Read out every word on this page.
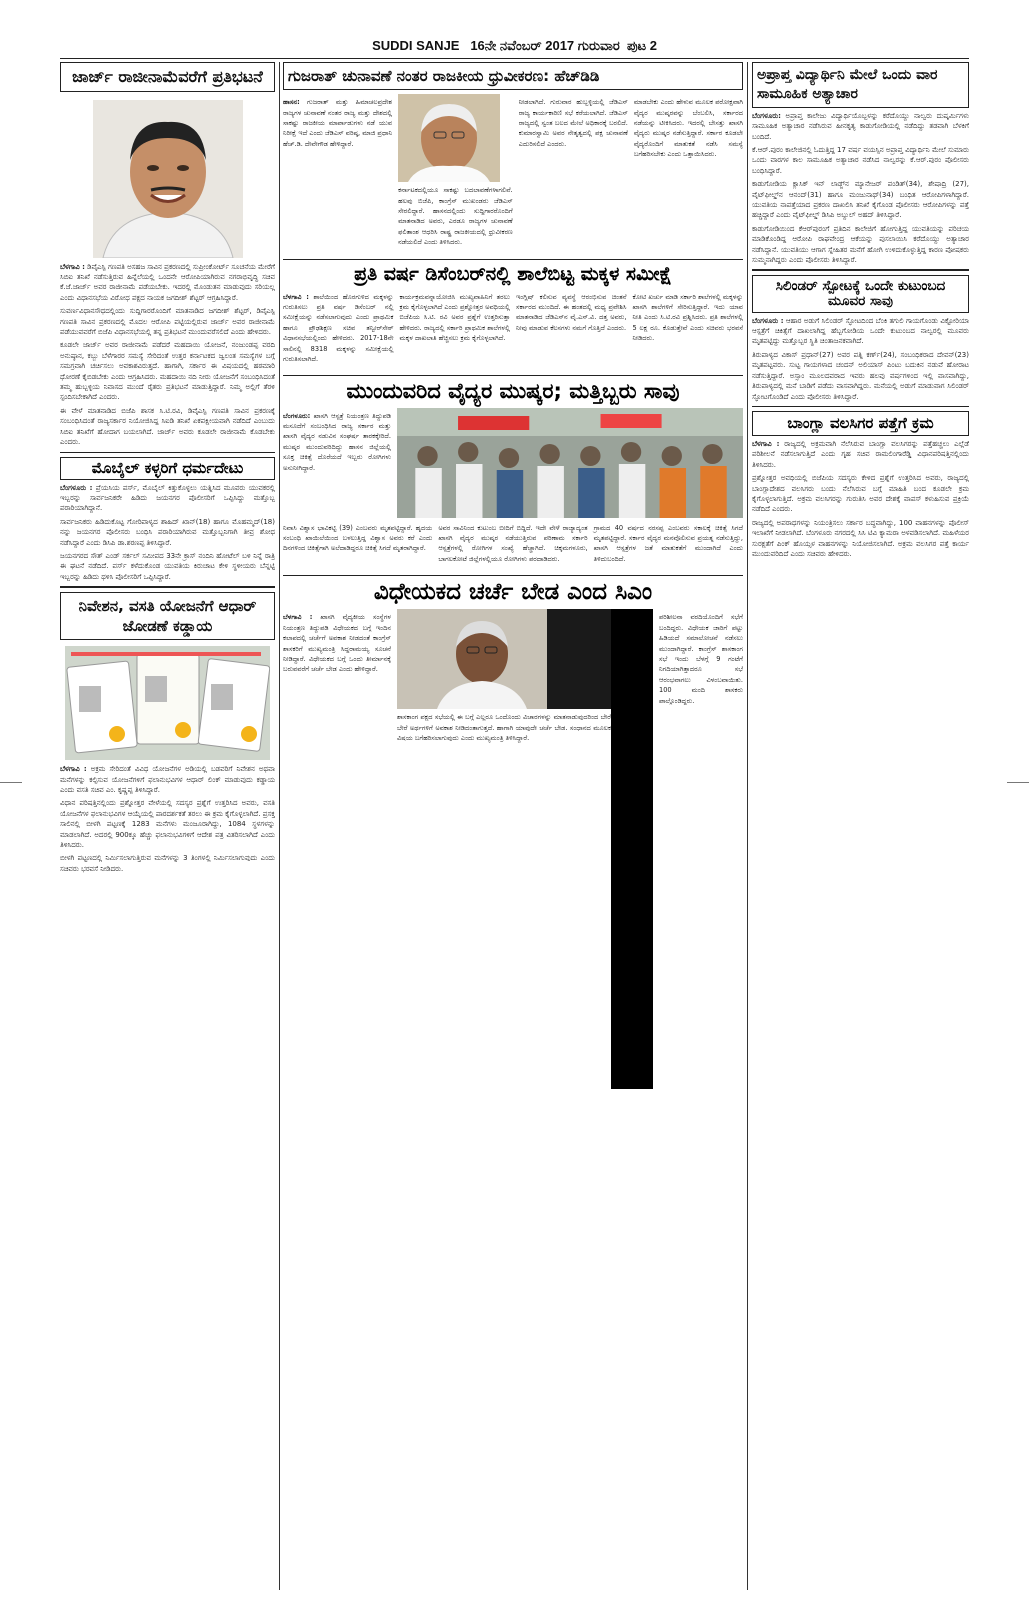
SUDDI SANJE 16ನೇ ನವೆಂಬರ್ 2017 ಗುರುವಾರ ಪುಟ 2
ಜಾರ್ಜ್ ರಾಜೀನಾಮೆವರೆಗೆ ಪ್ರತಿಭಟನೆ

ಬೆಳಗಾವಿ : ಡಿವೈಎಸ್ಪಿ ಗಣಪತಿ ಅಸಹಜ ಸಾವಿನ ಪ್ರಕರಣದಲ್ಲಿ ಸುಪ್ರೀಂಕೋರ್ಟ್ ಸೂಚನೆಯ ಮೇರೆಗೆ ಸಿಬಿಐ ತನಿಖೆ ನಡೆಸುತ್ತಿರುವ ಹಿನ್ನೆಲೆಯಲ್ಲಿ ಒಂದನೇ ಆರೋಪಿಯಾಗಿರುವ ನಗರಾಭಿವೃದ್ಧಿ ಸಚಿವ ಕೆ.ಜೆ.ಜಾರ್ಜ್ ಅವರ ರಾಜೀನಾಮೆ ಪಡೆಯಬೇಕು. ಇದರಲ್ಲಿ ಮೊಂಡುತನ ಮಾಡುವುದು ಸರಿಯಲ್ಲ ಎಂದು ವಿಧಾನಸಭೆಯ ವಿರೋಧ ಪಕ್ಷದ ನಾಯಕ ಜಗದೀಶ್ ಶೆಟ್ಟರ್ ಆಗ್ರಹಿಸಿದ್ದಾರೆ.

ಸುವರ್ಣವಿಧಾನಸೌಧದಲ್ಲಿಂದು ಸುದ್ದಿಗಾರರೊಂದಿಗೆ ಮಾತನಾಡಿದ ಜಗದೀಶ್ ಶೆಟ್ಟರ್, ಡಿವೈಎಸ್ಪಿ ಗಣಪತಿ ಸಾವಿನ ಪ್ರಕರಣದಲ್ಲಿ ಮೊದಲ ಆರೋಪಿ ಪಟ್ಟಿಯಲ್ಲಿರುವ ಜಾರ್ಜ್ ಅವರ ರಾಜೀನಾಮೆ ಪಡೆಯುವವರೆಗೆ ಬಿಜೆಪಿ ವಿಧಾನಸಭೆಯಲ್ಲಿ ತನ್ನ ಪ್ರತಿಭಟನೆ ಮುಂದುವರೆಸಲಿದೆ ಎಂದು ಹೇಳಿದರು.

ಕೂಡಲೇ ಜಾರ್ಜ್ ಅವರ ರಾಜೀನಾಮೆ ಪಡೆದರೆ ಮಹದಾಯಿ ಯೋಜನೆ, ನಂಜುಂಡಪ್ಪ ವರದಿ ಅನುಷ್ಠಾನ, ಕಬ್ಬು ಬೆಳೆಗಾರರ ಸಮಸ್ಯೆ ಸೇರಿದಂತೆ ಉತ್ತರ ಕರ್ನಾಟಕದ ಜ್ವಲಂತ ಸಮಸ್ಯೆಗಳ ಬಗ್ಗೆ ಸಮಗ್ರವಾಗಿ ಚರ್ಚಿಸಲು ಅವಕಾಶವಿರುತ್ತದೆ. ಹಾಗಾಗಿ, ಸರ್ಕಾರ ಈ ವಿಷಯದಲ್ಲಿ ಹಠಮಾರಿ ಧೋರಣೆ ಕೈಬಿಡಬೇಕು ಎಂದು ಆಗ್ರಹಿಸಿದರು. ಮಹದಾಯಿ ನದಿ ನೀರು ಯೋಜನೆಗೆ ಸಂಬಂಧಿಸಿದಂತೆ ತಮ್ಮ ಹುಬ್ಬಳ್ಳಿಯ ನಿವಾಸದ ಮುಂದೆ ರೈತರು ಪ್ರತಿಭಟನೆ ಮಾಡುತ್ತಿದ್ದಾರೆ. ನಿಮ್ಮ ಅಲ್ಲಿಗೆ ತೆರಳಿ ಸ್ಪಂದಿಸಬೇಕಾಗಿದೆ ಎಂದರು.

ಈ ವೇಳೆ ಮಾತನಾಡಿದ ಬಿಜೆಪಿ ಶಾಸಕ ಸಿ.ಟಿ.ರವಿ, ಡಿವೈಎಸ್ಪಿ ಗಣಪತಿ ಸಾವಿನ ಪ್ರಕರಣಕ್ಕೆ ಸಂಬಂಧಿಸಿದಂತೆ ರಾಜ್ಯಸರ್ಕಾರ ನಿಯೋಜಿಸಿದ್ದ ಸಿಐಡಿ ತನಿಖೆ ಏಕಪಕ್ಷೀಯವಾಗಿ ನಡೆದಿದೆ ಎಂಬುದು ಸಿಬಿಐ ತನಿಖೆಗೆ ಹೋದಾಗ ಬಯಲಾಗಿದೆ. ಜಾರ್ಜ್ ಅವರು ಕೂಡಲೇ ರಾಜೀನಾಮೆ ಕೊಡಬೇಕು ಎಂದರು.

ಮೊಬೈಲ್ ಕಳ್ಳರಿಗೆ ಧರ್ಮದೇಟು

ಬೆಂಗಳೂರು : ಪ್ರೆಯಸಿಯ ಪರ್ಸ್, ಮೊಬೈಲ್ ಕಿತ್ತುಕೊಳ್ಳಲು ಯತ್ನಿಸಿದ ಮೂವರು ಯುವಕರಲ್ಲಿ ಇಬ್ಬರನ್ನು ಸಾರ್ವಜನಿಕರೇ ಹಿಡಿದು ಜಯನಗರ ಪೊಲೀಸರಿಗೆ ಒಪ್ಪಿಸಿದ್ದು ಮತ್ತೊಬ್ಬ ಪರಾರಿಯಾಗಿದ್ದಾನೆ.

ಸಾರ್ವಜನಿಕರು ಹಿಡಿದುಕೊಟ್ಟ ಗೋರಿಪಾಳ್ಯದ ಶಾಹಿದ್ ಖಾನ್(18) ಹಾಗೂ ಮೊಹಮ್ಮದ್(18) ನನ್ನು ಜಯನಗರ ಪೊಲೀಸರು ಬಂಧಿಸಿ ಪರಾರಿಯಾಗಿರುವ ಮತ್ತೊಬ್ಬನಿಗಾಗಿ ತೀವ್ರ ಶೋಧ ನಡೆಸಿದ್ದಾರೆ ಎಂದು ಡಿಸಿಪಿ ಡಾ.ಶರಣಪ್ಪ ತಿಳಿಸಿದ್ದಾರೆ.

ಜಯನಗರದ ಸೌತ್ ಎಂಡ್ ಸರ್ಕಲ್ ಸಮೀಪದ 33ನೇ ಕ್ರಾಸ್ ನಂದಿನಿ ಹೋಟೆಲ್ ಬಳಿ ನಿನ್ನೆ ರಾತ್ರಿ ಈ ಘಟನೆ ನಡೆದಿದೆ. ಪರ್ಸ್ ಕಳೆದುಕೊಂಡ ಯುವತಿಯ ಕಿರುಚಾಟ ಕೇಳಿ ಸ್ಥಳೀಯರು ಬೆನ್ನಟ್ಟಿ ಇಬ್ಬರನ್ನು ಹಿಡಿದು ಥಳಿಸಿ ಪೊಲೀಸರಿಗೆ ಒಪ್ಪಿಸಿದ್ದಾರೆ.

ನಿವೇಶನ, ವಸತಿ ಯೋಜನೆಗೆ ಆಧಾರ್ ಜೋಡಣೆ ಕಡ್ಡಾಯ

ಬೆಳಗಾವಿ : ಅಕ್ರಮ ಸೇರಿದಂತೆ ವಿವಿಧ ಯೋಜನೆಗಳ ಅಡಿಯಲ್ಲಿ ಬಡವರಿಗೆ ನಿವೇಶನ ಅಥವಾ ಮನೆಗಳನ್ನು ಕಲ್ಪಿಸುವ ಯೋಜನೆಗಳಿಗೆ ಫಲಾನುಭವಿಗಳ ಆಧಾರ್ ಲಿಂಕ್ ಮಾಡುವುದು ಕಡ್ಡಾಯ ಎಂದು ವಸತಿ ಸಚಿವ ಎಂ. ಕೃಷ್ಣಪ್ಪ ತಿಳಿಸಿದ್ದಾರೆ.

ವಿಧಾನ ಪರಿಷತ್ತಿನಲ್ಲಿಂದು ಪ್ರಶ್ನೋತ್ತರ ವೇಳೆಯಲ್ಲಿ ಸದಸ್ಯರ ಪ್ರಶ್ನೆಗೆ ಉತ್ತರಿಸಿದ ಅವರು, ವಸತಿ ಯೋಜನೆಗಳ ಫಲಾನುಭವಿಗಳ ಆಯ್ಕೆಯಲ್ಲಿ ಪಾರದರ್ಶಕತೆ ತರಲು ಈ ಕ್ರಮ ಕೈಗೊಳ್ಳಲಾಗಿದೆ. ಪ್ರಸಕ್ತ ಸಾಲಿನಲ್ಲಿ ಬೀಳಗಿ ಪಟ್ಟಣಕ್ಕೆ 1283 ಮನೆಗಳು ಮಂಜೂರಾಗಿದ್ದು, 1084 ಸ್ಥಳಗಳನ್ನು ಮಾಡಲಾಗಿದೆ. ಅದರಲ್ಲಿ 900ಕ್ಕೂ ಹೆಚ್ಚು ಫಲಾನುಭವಿಗಳಿಗೆ ಆದೇಶ ಪತ್ರ ವಿತರಿಸಲಾಗಿದೆ ಎಂದು ತಿಳಿಸಿದರು.

ಬೀಳಗಿ ಪಟ್ಟಣದಲ್ಲಿ ನಿರ್ಮಿಸಲಾಗುತ್ತಿರುವ ಮನೆಗಳನ್ನು 3 ತಿಂಗಳಲ್ಲಿ ನಿರ್ಮಿಸಲಾಗುವುದು ಎಂದು ಸಚಿವರು ಭರವಸೆ ನೀಡಿದರು.

ಗುಜರಾತ್ ಚುನಾವಣೆ ನಂತರ ರಾಜಕೀಯ ಧ್ರುವೀಕರಣ: ಹೆಚ್‌ಡಿಡಿ

ಹಾಸನ: ಗುಜರಾತ್ ಮತ್ತು ಹಿಮಾಚಲಪ್ರದೇಶ ರಾಜ್ಯಗಳ ಚುನಾವಣೆ ನಂತರ ರಾಜ್ಯ ಮತ್ತು ದೇಶದಲ್ಲಿ ಸಾಕಷ್ಟು ರಾಜಕೀಯ ಮಾರ್ಪಾಡುಗಳು ನಡೆ ಯುವ ನಿರೀಕ್ಷೆ ಇದೆ ಎಂದು ಜೆಡಿಎಸ್ ವರಿಷ್ಠ, ಮಾಜಿ ಪ್ರಧಾನಿ ಹೆಚ್.ಡಿ. ದೇವೇಗೌಡ ಹೇಳಿದ್ದಾರೆ.

ಕರ್ನಾಟಕದಲ್ಲಿಯೂ ಸಾಕಷ್ಟು ಬದಲಾವಣೆಗಳಾಗಲಿವೆ. ಹಲವು ಬಿಜೆಪಿ, ಕಾಂಗ್ರೆಸ್ ಮುಖಂಡರು ಜೆಡಿಎಸ್ ಸೇರಲಿದ್ದಾರೆ. ಹಾಸನದಲ್ಲಿಂದು ಸುದ್ದಿಗಾರರೊಂದಿಗೆ ಮಾತನಾಡಿದ ಅವರು, ಎರಡೂ ರಾಜ್ಯಗಳ ಚುನಾವಣೆ ಫಲಿತಾಂಶ ಆಧರಿಸಿ ರಾಷ್ಟ್ರ ರಾಜಕೀಯದಲ್ಲಿ ಧ್ರುವೀಕರಣ ನಡೆಯಲಿದೆ ಎಂದು ತಿಳಿಸಿದರು.

ನೀಡಲಾಗಿದೆ. ಗುರುವಾರ ಹುಬ್ಬಳ್ಳಿಯಲ್ಲಿ ಜೆಡಿಎಸ್ ರಾಜ್ಯ ಕಾರ್ಯಕಾರಿಣಿ ಸಭೆ ಕರೆಯಲಾಗಿದೆ. ಜೆಡಿಎಸ್ ರಾಜ್ಯದಲ್ಲಿ ಸ್ವಂತ ಬಲದ ಮೇಲೆ ಅಧಿಕಾರಕ್ಕೆ ಬರಲಿದೆ. ಕುಮಾರಸ್ವಾಮಿ ಅವರ ನೇತೃತ್ವದಲ್ಲಿ ಪಕ್ಷ ಚುನಾವಣೆ ಎದುರಿಸಲಿದೆ ಎಂದರು.

ಮಾಡಬೇಕು ಎಂದು ಹೇಳುವ ಮೂಲಕ ಪರೋಕ್ಷವಾಗಿ ವೈದ್ಯರ ಮುಷ್ಕರವನ್ನು ಬೆಂಬಲಿಸಿ, ಸರ್ಕಾರದ ನಡೆಯನ್ನು ಟೀಕಿಸಿದರು. ಇದರಲ್ಲಿ ಬೇಸತ್ತು ಖಾಸಗಿ ವೈದ್ಯರು ಮುಷ್ಕರ ನಡೆಸುತ್ತಿದ್ದಾರೆ. ಸರ್ಕಾರ ಕೂಡಲೇ ವೈದ್ಯರೊಂದಿಗೆ ಮಾತುಕತೆ ನಡೆಸಿ ಸಮಸ್ಯೆ ಬಗೆಹರಿಸಬೇಕು ಎಂದು ಒತ್ತಾಯಿಸಿದರು.

ಪ್ರತಿ ವರ್ಷ ಡಿಸೆಂಬರ್‌ನಲ್ಲಿ ಶಾಲೆಬಿಟ್ಟ ಮಕ್ಕಳ ಸಮೀಕ್ಷೆ

ಬೆಳಗಾವಿ : ಶಾಲೆಯಿಂದ ಹೊರಗುಳಿದ ಮಕ್ಕಳನ್ನು ಗುರುತಿಸಲು ಪ್ರತಿ ವರ್ಷ ಡಿಸೆಂಬರ್ ನಲ್ಲಿ ಸಮೀಕ್ಷೆಯನ್ನು ನಡೆಸಲಾಗುವುದು ಎಂದು ಪ್ರಾಥಮಿಕ ಹಾಗೂ ಪ್ರೌಢಶಿಕ್ಷಣ ಸಚಿವ ತನ್ವೀರ್‌ಸೇಠ್ ವಿಧಾನಸಭೆಯಲ್ಲಿಂದು ಹೇಳಿದರು. 2017-18ನೇ ಸಾಲಿನಲ್ಲಿ 8318 ಮಕ್ಕಳನ್ನು ಸಮೀಕ್ಷೆಯಲ್ಲಿ ಗುರುತಿಸಲಾಗಿದೆ.

ಕಾರ್ಯಕ್ರಮವನ್ನಾಯೋಜಿಸಿ ಮುಖ್ಯವಾಹಿನಿಗೆ ತರಲು ಕ್ರಮ ಕೈಗೊಳ್ಳಲಾಗಿದೆ ಎಂದು ಪ್ರಶ್ನೋತ್ತರ ಅವಧಿಯಲ್ಲಿ ಬಿಜೆಪಿಯ ಸಿ.ಟಿ. ರವಿ ಅವರ ಪ್ರಶ್ನೆಗೆ ಉತ್ತರಿಸುತ್ತಾ ಹೇಳಿದರು. ರಾಜ್ಯದಲ್ಲಿ ಸರ್ಕಾರಿ ಪ್ರಾಥಮಿಕ ಶಾಲೆಗಳಲ್ಲಿ ಮಕ್ಕಳ ದಾಖಲಾತಿ ಹೆಚ್ಚಿಸಲು ಕ್ರಮ ಕೈಗೊಳ್ಳಲಾಗಿದೆ.

ಇಂಗ್ಲಿಷ್ ಕಲಿಸುವ ವ್ಯವಸ್ಥೆ ಆರಂಭಿಸುವ ಚಿಂತನೆ ಸರ್ಕಾರದ ಮುಂದಿದೆ. ಈ ಹಂತದಲ್ಲಿ ಮಧ್ಯ ಪ್ರವೇಶಿಸಿ ಮಾತನಾಡಿದ ಜೆಡಿಎಸ್‌ನ ವೈ.ಎಸ್.ವಿ. ದತ್ತ ಅವರು, ನೀವು ಮಾಡುವ ಕೆಲಸಗಳು ನಮಗೆ ಗೊತ್ತಿದೆ ಎಂದರು.

ಕೋಟಿ ಖರ್ಚು ಮಾಡಿ ಸರ್ಕಾರಿ ಶಾಲೆಗಳಲ್ಲಿ ಮಕ್ಕಳನ್ನು ಖಾಸಗಿ ಶಾಲೆಗಳಿಗೆ ಸೇರಿಸುತ್ತಿದ್ದಾರೆ. ಇದು ಯಾವ ನೀತಿ ಎಂದು ಸಿ.ಟಿ.ರವಿ ಪ್ರಶ್ನಿಸಿದರು. ಪ್ರತಿ ಶಾಲೆಗಳಲ್ಲಿ 5 ಲಕ್ಷ ರೂ. ಕೊಡುತ್ತೇವೆ ಎಂದು ಸಚಿವರು ಭರವಸೆ ನೀಡಿದರು.

ಮುಂದುವರಿದ ವೈದ್ಯರ ಮುಷ್ಕರ; ಮತ್ತಿಬ್ಬರು ಸಾವು

ಬೆಂಗಳೂರು: ಖಾಸಗಿ ಆಸ್ಪತ್ರೆ ನಿಯಂತ್ರಣ ತಿದ್ದುಪಡಿ ಮಸೂದೆಗೆ ಸಂಬಂಧಿಸಿದ ರಾಜ್ಯ ಸರ್ಕಾರ ಮತ್ತು ಖಾಸಗಿ ವೈದ್ಯರ ನಡುವಿನ ಸಂಘರ್ಷ ತಾರಕಕ್ಕೇರಿದೆ. ಮುಷ್ಕರ ಮುಂದುವರಿದಿದ್ದು ಹಾಸನ ಜಿಲ್ಲೆಯಲ್ಲಿ ಸೂಕ್ತ ಚಿಕಿತ್ಸೆ ದೊರೆಯದೆ ಇಬ್ಬರು ರೋಗಿಗಳು ಅಸುನೀಗಿದ್ದಾರೆ.

ನಿವಾಸಿ ವಿಶ್ವಾಸ ಭಾವಿಕಟ್ಟಿ (39) ಎಂಬವರು ಮೃತಪಟ್ಟಿದ್ದಾರೆ. ಹೃದಯ ಸಂಬಂಧಿ ಖಾಯಿಲೆಯಿಂದ ಬಳಲುತ್ತಿದ್ದ ವಿಶ್ವಾಸ ಅವರು ಕರೆ ಎಂದು ದಿನಗಳಿಂದ ಚಿಕಿತ್ಸೆಗಾಗಿ ಅಲೆದಾಡಿದ್ದರೂ ಚಿಕಿತ್ಸೆ ಸಿಗದೆ ಮೃತರಾಗಿದ್ದಾರೆ.

ಅವರ ಸಾವಿನಿಂದ ಕುಟುಂಬ ಬೀದಿಗೆ ಬಿದ್ದಿದೆ. ಇದೇ ವೇಳೆ ರಾಜ್ಯಾದ್ಯಂತ ಖಾಸಗಿ ವೈದ್ಯರ ಮುಷ್ಕರ ನಡೆಯುತ್ತಿರುವ ಪರಿಣಾಮ ಸರ್ಕಾರಿ ಆಸ್ಪತ್ರೆಗಳಲ್ಲಿ ರೋಗಿಗಳ ಸಂಖ್ಯೆ ಹೆಚ್ಚಾಗಿದೆ. ಚಿಕ್ಕಮಗಳೂರು, ಬಾಗಲಕೋಟೆ ಜಿಲ್ಲೆಗಳಲ್ಲಿಯೂ ರೋಗಿಗಳು ಪರದಾಡಿದರು.

ಗ್ರಾಮದ 40 ವರ್ಷದ ನರಸಪ್ಪ ಎಂಬವರು ಸಕಾಲಕ್ಕೆ ಚಿಕಿತ್ಸೆ ಸಿಗದೆ ಮೃತಪಟ್ಟಿದ್ದಾರೆ. ಸರ್ಕಾರ ವೈದ್ಯರ ಮನವೊಲಿಸುವ ಪ್ರಯತ್ನ ನಡೆಸುತ್ತಿದ್ದು, ಖಾಸಗಿ ಆಸ್ಪತ್ರೆಗಳ ಜತೆ ಮಾತುಕತೆಗೆ ಮುಂದಾಗಿದೆ ಎಂದು ತಿಳಿದುಬಂದಿದೆ.

ವಿಧೇಯಕದ ಚರ್ಚೆ ಬೇಡ ಎಂದ ಸಿಎಂ

ಬೆಳಗಾವಿ : ಖಾಸಗಿ ವೈದ್ಯಕೀಯ ಸಂಸ್ಥೆಗಳ ನಿಯಂತ್ರಣ ತಿದ್ದುಪಡಿ ವಿಧೇಯಕದ ಬಗ್ಗೆ ಇಂದಿನ ಕಲಾಪದಲ್ಲಿ ಚರ್ಚೆಗೆ ಅವಕಾಶ ನೀಡದಂತೆ ಕಾಂಗ್ರೆಸ್ ಶಾಸಕರಿಗೆ ಮುಖ್ಯಮಂತ್ರಿ ಸಿದ್ದರಾಮಯ್ಯ ಸೂಚನೆ ನೀಡಿದ್ದಾರೆ. ವಿಧೇಯಕದ ಬಗ್ಗೆ ಒಂದು ತೀರ್ಮಾನಕ್ಕೆ ಬರುವವರೆಗೆ ಚರ್ಚೆ ಬೇಡ ಎಂದು ಹೇಳಿದ್ದಾರೆ.

ಶಾಸಕಾಂಗ ಪಕ್ಷದ ಸಭೆಯಲ್ಲಿ ಈ ಬಗ್ಗೆ ಎಲ್ಲರೂ ಒಂದೊಂದು ವಿಚಾರಗಳನ್ನು ಮಾತನಾಡುವುದರಿಂದ ಬೇರೆ ಬೇರೆ ಅರ್ಥಗಳಿಗೆ ಅವಕಾಶ ನೀಡಿದಂತಾಗುತ್ತದೆ. ಹಾಗಾಗಿ ಯಾವುದೇ ಚರ್ಚೆ ಬೇಡ. ಸಂಧಾನದ ಮೂಲಕ ವಿಷಯ ಬಗೆಹರಿಸಲಾಗುವುದು ಎಂದು ಮುಖ್ಯಮಂತ್ರಿ ತಿಳಿಸಿದ್ದಾರೆ.

ಪರಿಶೀಲನಾ ವರದಿಯೊಂದಿಗೆ ಸಭೆಗೆ ಬಂದಿದ್ದರು. ವಿಧೇಯಕ ಜಾರಿಗೆ ಪಟ್ಟು ಹಿಡಿಯದೆ ಸಮಾಲೋಚನೆ ನಡೆಸಲು ಮುಂದಾಗಿದ್ದಾರೆ. ಕಾಂಗ್ರೆಸ್ ಶಾಸಕಾಂಗ ಸಭೆ ಇಂದು ಬೆಳಗ್ಗೆ 9 ಗಂಟೆಗೆ ನಿಗದಿಯಾಗಿತ್ತಾದರೂ ಸಭೆ ಆರಂಭವಾಗಲು ವಿಳಂಬವಾಯಿತು. 100 ಮಂದಿ ಶಾಸಕರು ಪಾಲ್ಗೊಂಡಿದ್ದರು.

ಅಪ್ರಾಪ್ತ ವಿದ್ಯಾರ್ಥಿನಿ ಮೇಲೆ ಒಂದು ವಾರ ಸಾಮೂಹಿಕ ಅತ್ಯಾಚಾರ

ಬೆಂಗಳೂರು: ಅಪ್ರಾಪ್ತ ಕಾಲೇಜು ವಿದ್ಯಾರ್ಥಿಯೊಬ್ಬಳನ್ನು ಕರೆದೊಯ್ದು ನಾಲ್ವರು ದುಷ್ಕರ್ಮಿಗಳು ಸಾಮೂಹಿಕ ಅತ್ಯಾಚಾರ ನಡೆಸಿರುವ ಹೀನಕೃತ್ಯ ಕಾಡುಗೋಡಿಯಲ್ಲಿ ನಡೆದಿದ್ದು ತಡವಾಗಿ ಬೆಳಕಿಗೆ ಬಂದಿದೆ.

ಕೆ.ಆರ್.ಪುರಂ ಕಾಲೇಜಿನಲ್ಲಿ ಓದುತ್ತಿದ್ದ 17 ವರ್ಷ ವಯಸ್ಸಿನ ಅಪ್ರಾಪ್ತ ವಿದ್ಯಾರ್ಥಿನಿ ಮೇಲೆ ಸುಮಾರು ಒಂದು ವಾರಗಳ ಕಾಲ ಸಾಮೂಹಿಕ ಅತ್ಯಾಚಾರ ನಡೆಸಿದ ನಾಲ್ವರನ್ನು ಕೆ.ಆರ್.ಪುರಂ ಪೊಲೀಸರು ಬಂಧಿಸಿದ್ದಾರೆ.

ಕಾಡುಗೋಡಿಯ ಕ್ಲಾಸಿಕ್ ಇನ್ ಲಾಡ್ಜ್‌ನ ಮ್ಯಾನೇಜರ್ ಪಂಡಿತ್(34), ಶೇಷಾದ್ರಿ (27), ವೈಟ್‌ಫೀಲ್ಡ್‌ನ ಆನಂದ್(31) ಹಾಗೂ ಮಂಜುನಾಥ್(34) ಬಂಧಿತ ಆರೋಪಿಗಳಾಗಿದ್ದಾರೆ. ಯುವತಿಯ ನಾಪತ್ತೆಯಾದ ಪ್ರಕರಣ ದಾಖಲಿಸಿ ತನಿಖೆ ಕೈಗೊಂಡ ಪೊಲೀಸರು ಆರೋಪಿಗಳನ್ನು ಪತ್ತೆ ಹಚ್ಚಿದ್ದಾರೆ ಎಂದು ವೈಟ್‌ಫೀಲ್ಡ್ ಡಿಸಿಪಿ ಅಬ್ದುಲ್ ಅಹದ್ ತಿಳಿಸಿದ್ದಾರೆ.

ಕಾಡುಗೋಡಿಯಿಂದ ಕೆಆರ್‌ಪುರಂಗೆ ಪ್ರತಿದಿನ ಕಾಲೇಜಿಗೆ ಹೋಗುತ್ತಿದ್ದ ಯುವತಿಯನ್ನು ಪರಿಚಯ ಮಾಡಿಕೊಂಡಿದ್ದ ಆರೋಪಿ ರಾಘವೇಂದ್ರ ಆಕೆಯನ್ನು ಪುಸಲಾಯಿಸಿ ಕರೆದೊಯ್ದು ಅತ್ಯಾಚಾರ ನಡೆಸಿದ್ದಾನೆ. ಯುವತಿಯು ಆಗಾಗ ಸ್ನೇಹಿತರ ಮನೆಗೆ ಹೋಗಿ ಉಳಿದುಕೊಳ್ಳುತ್ತಿದ್ದ ಕಾರಣ ಪೋಷಕರು ಸುಮ್ಮನಾಗಿದ್ದರು ಎಂದು ಪೊಲೀಸರು ತಿಳಿಸಿದ್ದಾರೆ.

ಸಿಲಿಂಡರ್ ಸ್ಪೋಟಕ್ಕೆ ಒಂದೇ ಕುಟುಂಬದ ಮೂವರ ಸಾವು

ಬೆಂಗಳೂರು : ಆಹಾರ ಅಡುಗೆ ಸಿಲಿಂಡರ್ ಸ್ಫೋಟದಿಂದ ಬೆಂಕಿ ತಗುಲಿ ಗಾಯಗೊಂಡು ವಿಕ್ಟೋರಿಯಾ ಆಸ್ಪತ್ರೆಗೆ ಚಿಕಿತ್ಸೆಗೆ ದಾಖಲಾಗಿದ್ದ ಹೆಬ್ಬಗೋಡಿಯ ಒಂದೇ ಕುಟುಂಬದ ನಾಲ್ವರಲ್ಲಿ ಮೂವರು ಮೃತಪಟ್ಟಿದ್ದು ಮತ್ತೊಬ್ಬರ ಸ್ಥಿತಿ ಚಿಂತಾಜನಕವಾಗಿದೆ.

ತಿರುಪಾಳ್ಯದ ವಿಕಾಸ್ ಪ್ರಧಾನ್(27) ಅವರ ಪತ್ನಿ ಕರ್ಣ್(24), ಸಂಬಂಧಿಕರಾದ ದೇವನ್(23) ಮೃತಪಟ್ಟವರು. ಸುಟ್ಟ ಗಾಯಗಳಾದ ಚಂದನ್ ಅಲಿಯಾಸ್ ಪಿಂಟು ಬದುಕಿನ ನಡುವೆ ಹೋರಾಟ ನಡೆಸುತ್ತಿದ್ದಾರೆ. ಅಸ್ಸಾಂ ಮೂಲದವರಾದ ಇವರು ಹಲವು ವರ್ಷಗಳಿಂದ ಇಲ್ಲಿ ವಾಸವಾಗಿದ್ದು, ತಿರುಪಾಳ್ಯದಲ್ಲಿ ಮನೆ ಬಾಡಿಗೆ ಪಡೆದು ವಾಸವಾಗಿದ್ದರು. ಮನೆಯಲ್ಲಿ ಅಡುಗೆ ಮಾಡುವಾಗ ಸಿಲಿಂಡರ್ ಸ್ಫೋಟಗೊಂಡಿದೆ ಎಂದು ಪೊಲೀಸರು ತಿಳಿಸಿದ್ದಾರೆ.

ಬಾಂಗ್ಲಾ ವಲಸಿಗರ ಪತ್ತೆಗೆ ಕ್ರಮ

ಬೆಳಗಾವಿ : ರಾಜ್ಯದಲ್ಲಿ ಅಕ್ರಮವಾಗಿ ನೆಲೆಸಿರುವ ಬಾಂಗ್ಲಾ ವಲಸಿಗರನ್ನು ಪತ್ತೆಹಚ್ಚಲು ಎಲ್ಲೆಡೆ ಪರಿಶೀಲನೆ ನಡೆಸಲಾಗುತ್ತಿದೆ ಎಂದು ಗೃಹ ಸಚಿವ ರಾಮಲಿಂಗಾರೆಡ್ಡಿ ವಿಧಾನಪರಿಷತ್ತಿನಲ್ಲಿಂದು ತಿಳಿಸಿದರು.

ಪ್ರಶ್ನೋತ್ತರ ಅವಧಿಯಲ್ಲಿ ಬಿಜೆಪಿಯ ಸದಸ್ಯರು ಕೇಳಿದ ಪ್ರಶ್ನೆಗೆ ಉತ್ತರಿಸಿದ ಅವರು, ರಾಜ್ಯದಲ್ಲಿ ಬಾಂಗ್ಲಾದೇಶದ ವಲಸಿಗರು ಬಂದು ನೆಲೆಸಿರುವ ಬಗ್ಗೆ ಮಾಹಿತಿ ಬಂದ ಕೂಡಲೇ ಕ್ರಮ ಕೈಗೊಳ್ಳಲಾಗುತ್ತಿದೆ. ಅಕ್ರಮ ವಲಸಿಗರನ್ನು ಗುರುತಿಸಿ ಅವರ ದೇಶಕ್ಕೆ ವಾಪಸ್ ಕಳುಹಿಸುವ ಪ್ರಕ್ರಿಯೆ ನಡೆದಿದೆ ಎಂದರು.

ರಾಜ್ಯದಲ್ಲಿ ಅಪರಾಧಗಳನ್ನು ನಿಯಂತ್ರಿಸಲು ಸರ್ಕಾರ ಬದ್ಧವಾಗಿದ್ದು, 100 ವಾಹನಗಳನ್ನು ಪೊಲೀಸ್ ಇಲಾಖೆಗೆ ನೀಡಲಾಗಿದೆ. ಬೆಂಗಳೂರು ನಗರದಲ್ಲಿ ಸಿಸಿ ಟಿವಿ ಕ್ಯಾಮರಾ ಅಳವಡಿಸಲಾಗಿದೆ. ಮಹಿಳೆಯರ ಸುರಕ್ಷತೆಗೆ ಪಿಂಕ್ ಹೊಯ್ಸಳ ವಾಹನಗಳನ್ನು ನಿಯೋಜಿಸಲಾಗಿದೆ. ಅಕ್ರಮ ವಲಸಿಗರ ಪತ್ತೆ ಕಾರ್ಯ ಮುಂದುವರಿದಿದೆ ಎಂದು ಸಚಿವರು ಹೇಳಿದರು.
